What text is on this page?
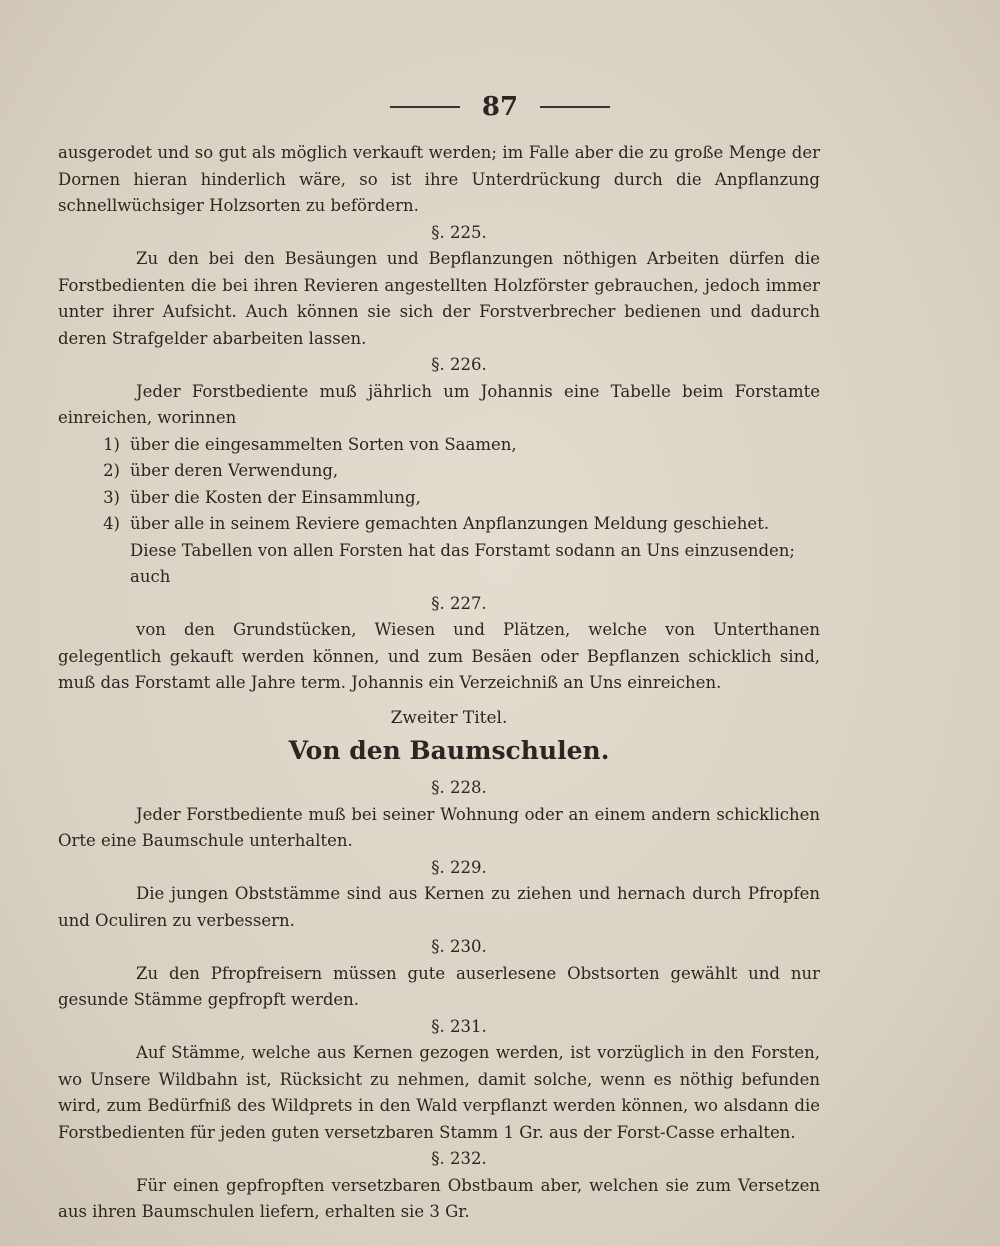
87

ausgerodet und so gut als möglich verkauft werden; im Falle aber die zu große Menge der Dornen hieran hinderlich wäre, so ist ihre Unterdrückung durch die Anpflanzung schnellwüchsiger Holzsorten zu befördern.

§. 225.

Zu den bei den Besäungen und Bepflanzungen nöthigen Arbeiten dürfen die Forstbedienten die bei ihren Revieren angestellten Holzförster gebrauchen, jedoch immer unter ihrer Aufsicht. Auch können sie sich der Forstverbrecher bedienen und dadurch deren Strafgelder abarbeiten lassen.

§. 226.

Jeder Forstbediente muß jährlich um Johannis eine Tabelle beim Forstamte einreichen, worinnen

1) über die eingesammelten Sorten von Saamen,

2) über deren Verwendung,

3) über die Kosten der Einsammlung,

4) über alle in seinem Reviere gemachten Anpflanzungen Meldung geschiehet. Diese Tabellen von allen Forsten hat das Forstamt sodann an Uns einzusenden; auch

§. 227.

von den Grundstücken, Wiesen und Plätzen, welche von Unterthanen gelegentlich gekauft werden können, und zum Besäen oder Bepflanzen schicklich sind, muß das Forstamt alle Jahre term. Johannis ein Verzeichniß an Uns einreichen.

Zweiter Titel.

Von den Baumschulen.

§. 228.

Jeder Forstbediente muß bei seiner Wohnung oder an einem andern schicklichen Orte eine Baumschule unterhalten.

§. 229.

Die jungen Obststämme sind aus Kernen zu ziehen und hernach durch Pfropfen und Oculiren zu verbessern.

§. 230.

Zu den Pfropfreisern müssen gute auserlesene Obstsorten gewählt und nur gesunde Stämme gepfropft werden.

§. 231.

Auf Stämme, welche aus Kernen gezogen werden, ist vorzüglich in den Forsten, wo Unsere Wildbahn ist, Rücksicht zu nehmen, damit solche, wenn es nöthig befunden wird, zum Bedürfniß des Wildprets in den Wald verpflanzt werden können, wo alsdann die Forstbedienten für jeden guten versetzbaren Stamm 1 Gr. aus der Forst-Casse erhalten.

§. 232.

Für einen gepfropften versetzbaren Obstbaum aber, welchen sie zum Versetzen aus ihren Baumschulen liefern, erhalten sie 3 Gr.
